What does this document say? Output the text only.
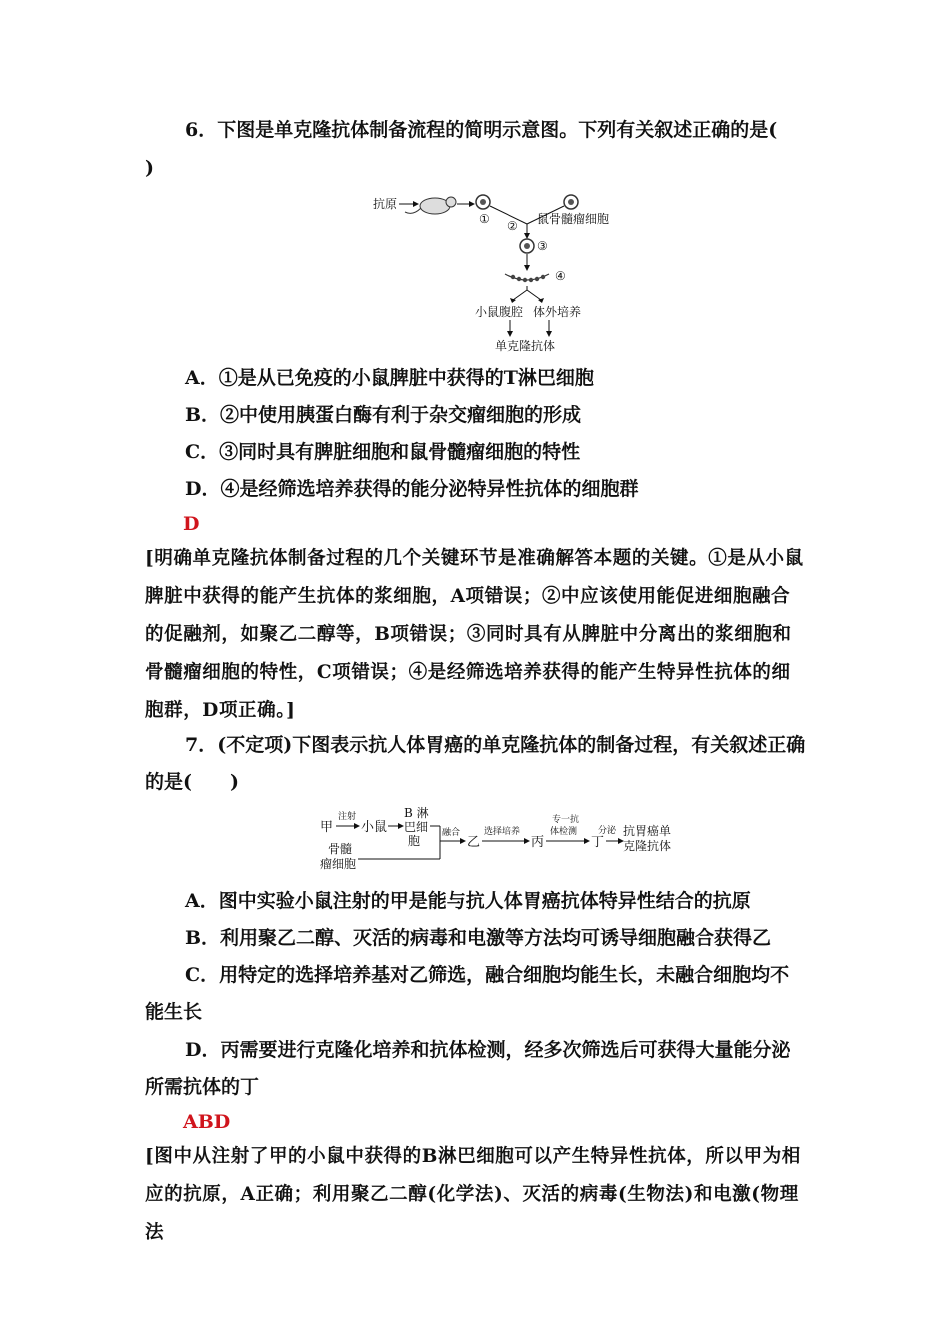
6．下图是单克隆抗体制备流程的简明示意图。下列有关叙述正确的是(
)
抗原
①	鼠骨髓瘤细胞
②
③
④
小鼠腹腔 体外培养
单克隆抗体
A．①是从已免疫的小鼠脾脏中获得的T淋巴细胞
B．②中使用胰蛋白酶有利于杂交瘤细胞的形成
C．③同时具有脾脏细胞和鼠骨髓瘤细胞的特性
D．④是经筛选培养获得的能分泌特异性抗体的细胞群
D
[明确单克隆抗体制备过程的几个关键环节是准确解答本题的关键。①是从小鼠
脾脏中获得的能产生抗体的浆细胞，A项错误；②中应该使用能促进细胞融合
的促融剂，如聚乙二醇等，B项错误；③同时具有从脾脏中分离出的浆细胞和
骨髓瘤细胞的特性，C项错误；④是经筛选培养获得的能产生特异性抗体的细
胞群，D项正确。]
7．(不定项)下图表示抗人体胃癌的单克隆抗体的制备过程，有关叙述正确
的是(　　)
甲
注射
小鼠
B 淋
巴细
胞
骨髓
瘤细胞
融合
乙
选择培养
丙
专一抗
体检测
丁
分泌 抗胃癌单
克隆抗体
A．图中实验小鼠注射的甲是能与抗人体胃癌抗体特异性结合的抗原
B．利用聚乙二醇、灭活的病毒和电激等方法均可诱导细胞融合获得乙
C．用特定的选择培养基对乙筛选，融合细胞均能生长，未融合细胞均不
能生长
D．丙需要进行克隆化培养和抗体检测，经多次筛选后可获得大量能分泌
所需抗体的丁
ABD
[图中从注射了甲的小鼠中获得的B淋巴细胞可以产生特异性抗体，所以甲为相
应的抗原，A正确；利用聚乙二醇(化学法)、灭活的病毒(生物法)和电激(物理法
